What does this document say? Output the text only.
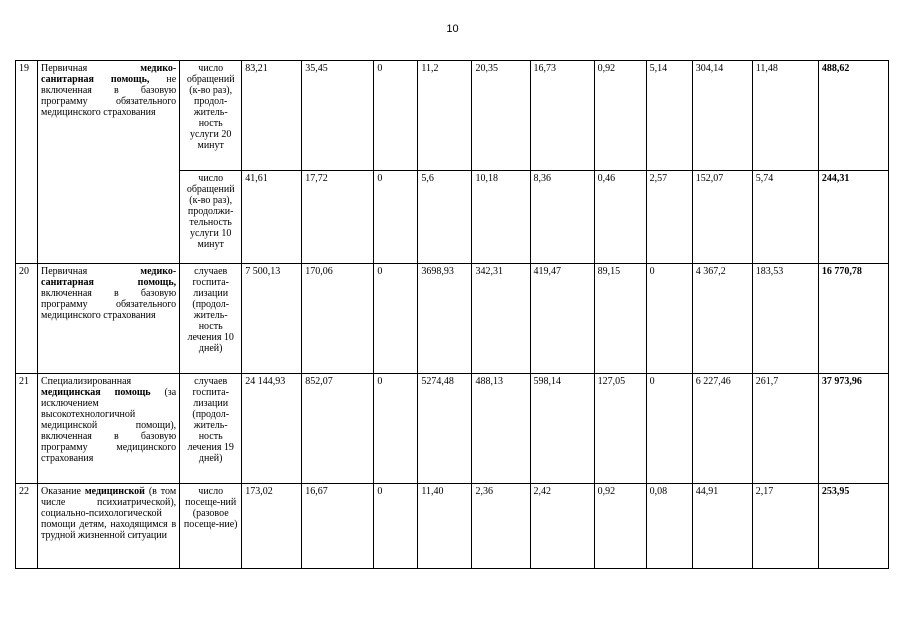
10
19	Первичная медико-санитарная помощь, не включенная в базовую программу обязательного медицинского страхования	число обращений (к-во раз), продол-житель-ность услуги 20 минут	83,21	35,45	0	11,2	20,35	16,73	0,92	5,14	304,14	11,48	488,62
		число обращений (к-во раз), продолжи-тельность услуги 10 минут	41,61	17,72	0	5,6	10,18	8,36	0,46	2,57	152,07	5,74	244,31
20	Первичная медико-санитарная помощь, включенная в базовую программу обязательного медицинского страхования	случаев госпита-лизации (продол-житель-ность лечения 10 дней)	7 500,13	170,06	0	3698,93	342,31	419,47	89,15	0	4 367,2	183,53	16 770,78
21	Специализированная медицинская помощь (за исключением высокотехнологичной медицинской помощи), включенная в базовую программу медицинского страхования	случаев госпита-лизации (продол-житель-ность лечения 19 дней)	24 144,93	852,07	0	5274,48	488,13	598,14	127,05	0	6 227,46	261,7	37 973,96
22	Оказание медицинской (в том числе психиатрической), социально-психологической помощи детям, находящимся в трудной жизненной ситуации	число посеще-ний (разовое посеще-ние)	173,02	16,67	0	11,40	2,36	2,42	0,92	0,08	44,91	2,17	253,95
